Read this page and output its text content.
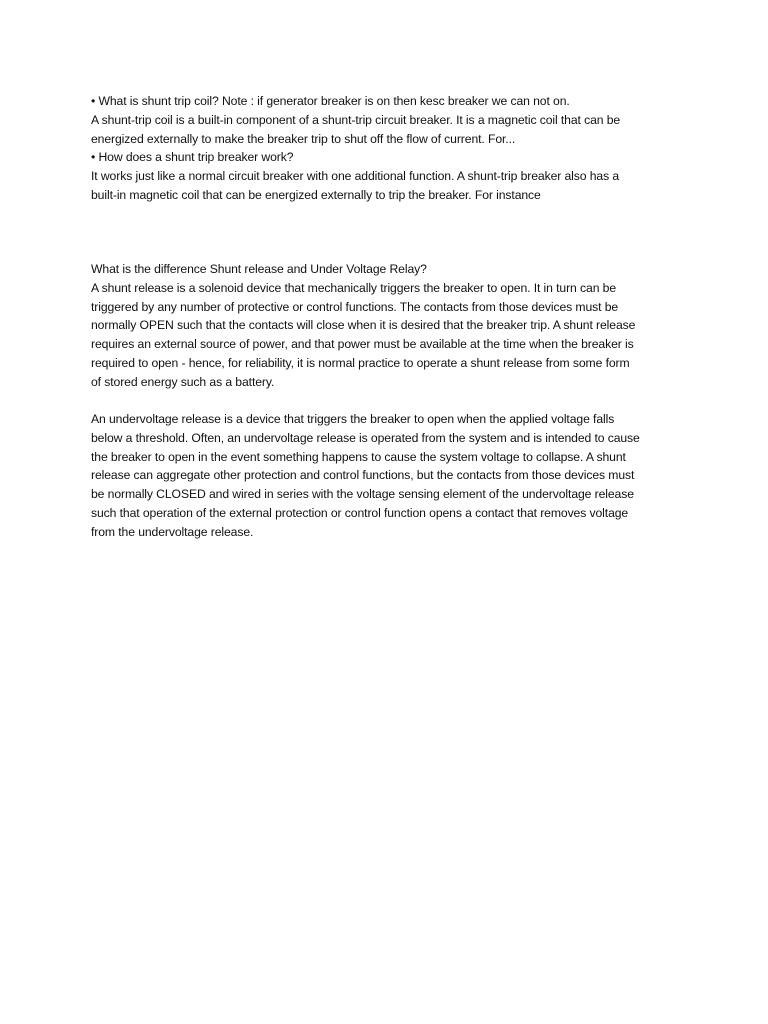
• What is shunt trip coil? Note : if generator breaker is on then kesc breaker we can not on.
A shunt-trip coil is a built-in component of a shunt-trip circuit breaker. It is a magnetic coil that can be
energized externally to make the breaker trip to shut off the flow of current. For...
• How does a shunt trip breaker work?
It works just like a normal circuit breaker with one additional function. A shunt-trip breaker also has a
built-in magnetic coil that can be energized externally to trip the breaker. For instance
What is the difference Shunt release and Under Voltage Relay?
A shunt release is a solenoid device that mechanically triggers the breaker to open. It in turn can be
triggered by any number of protective or control functions. The contacts from those devices must be
normally OPEN such that the contacts will close when it is desired that the breaker trip. A shunt release
requires an external source of power, and that power must be available at the time when the breaker is
required to open - hence, for reliability, it is normal practice to operate a shunt release from some form
of stored energy such as a battery.
An undervoltage release is a device that triggers the breaker to open when the applied voltage falls
below a threshold. Often, an undervoltage release is operated from the system and is intended to cause
the breaker to open in the event something happens to cause the system voltage to collapse. A shunt
release can aggregate other protection and control functions, but the contacts from those devices must
be normally CLOSED and wired in series with the voltage sensing element of the undervoltage release
such that operation of the external protection or control function opens a contact that removes voltage
from the undervoltage release.
